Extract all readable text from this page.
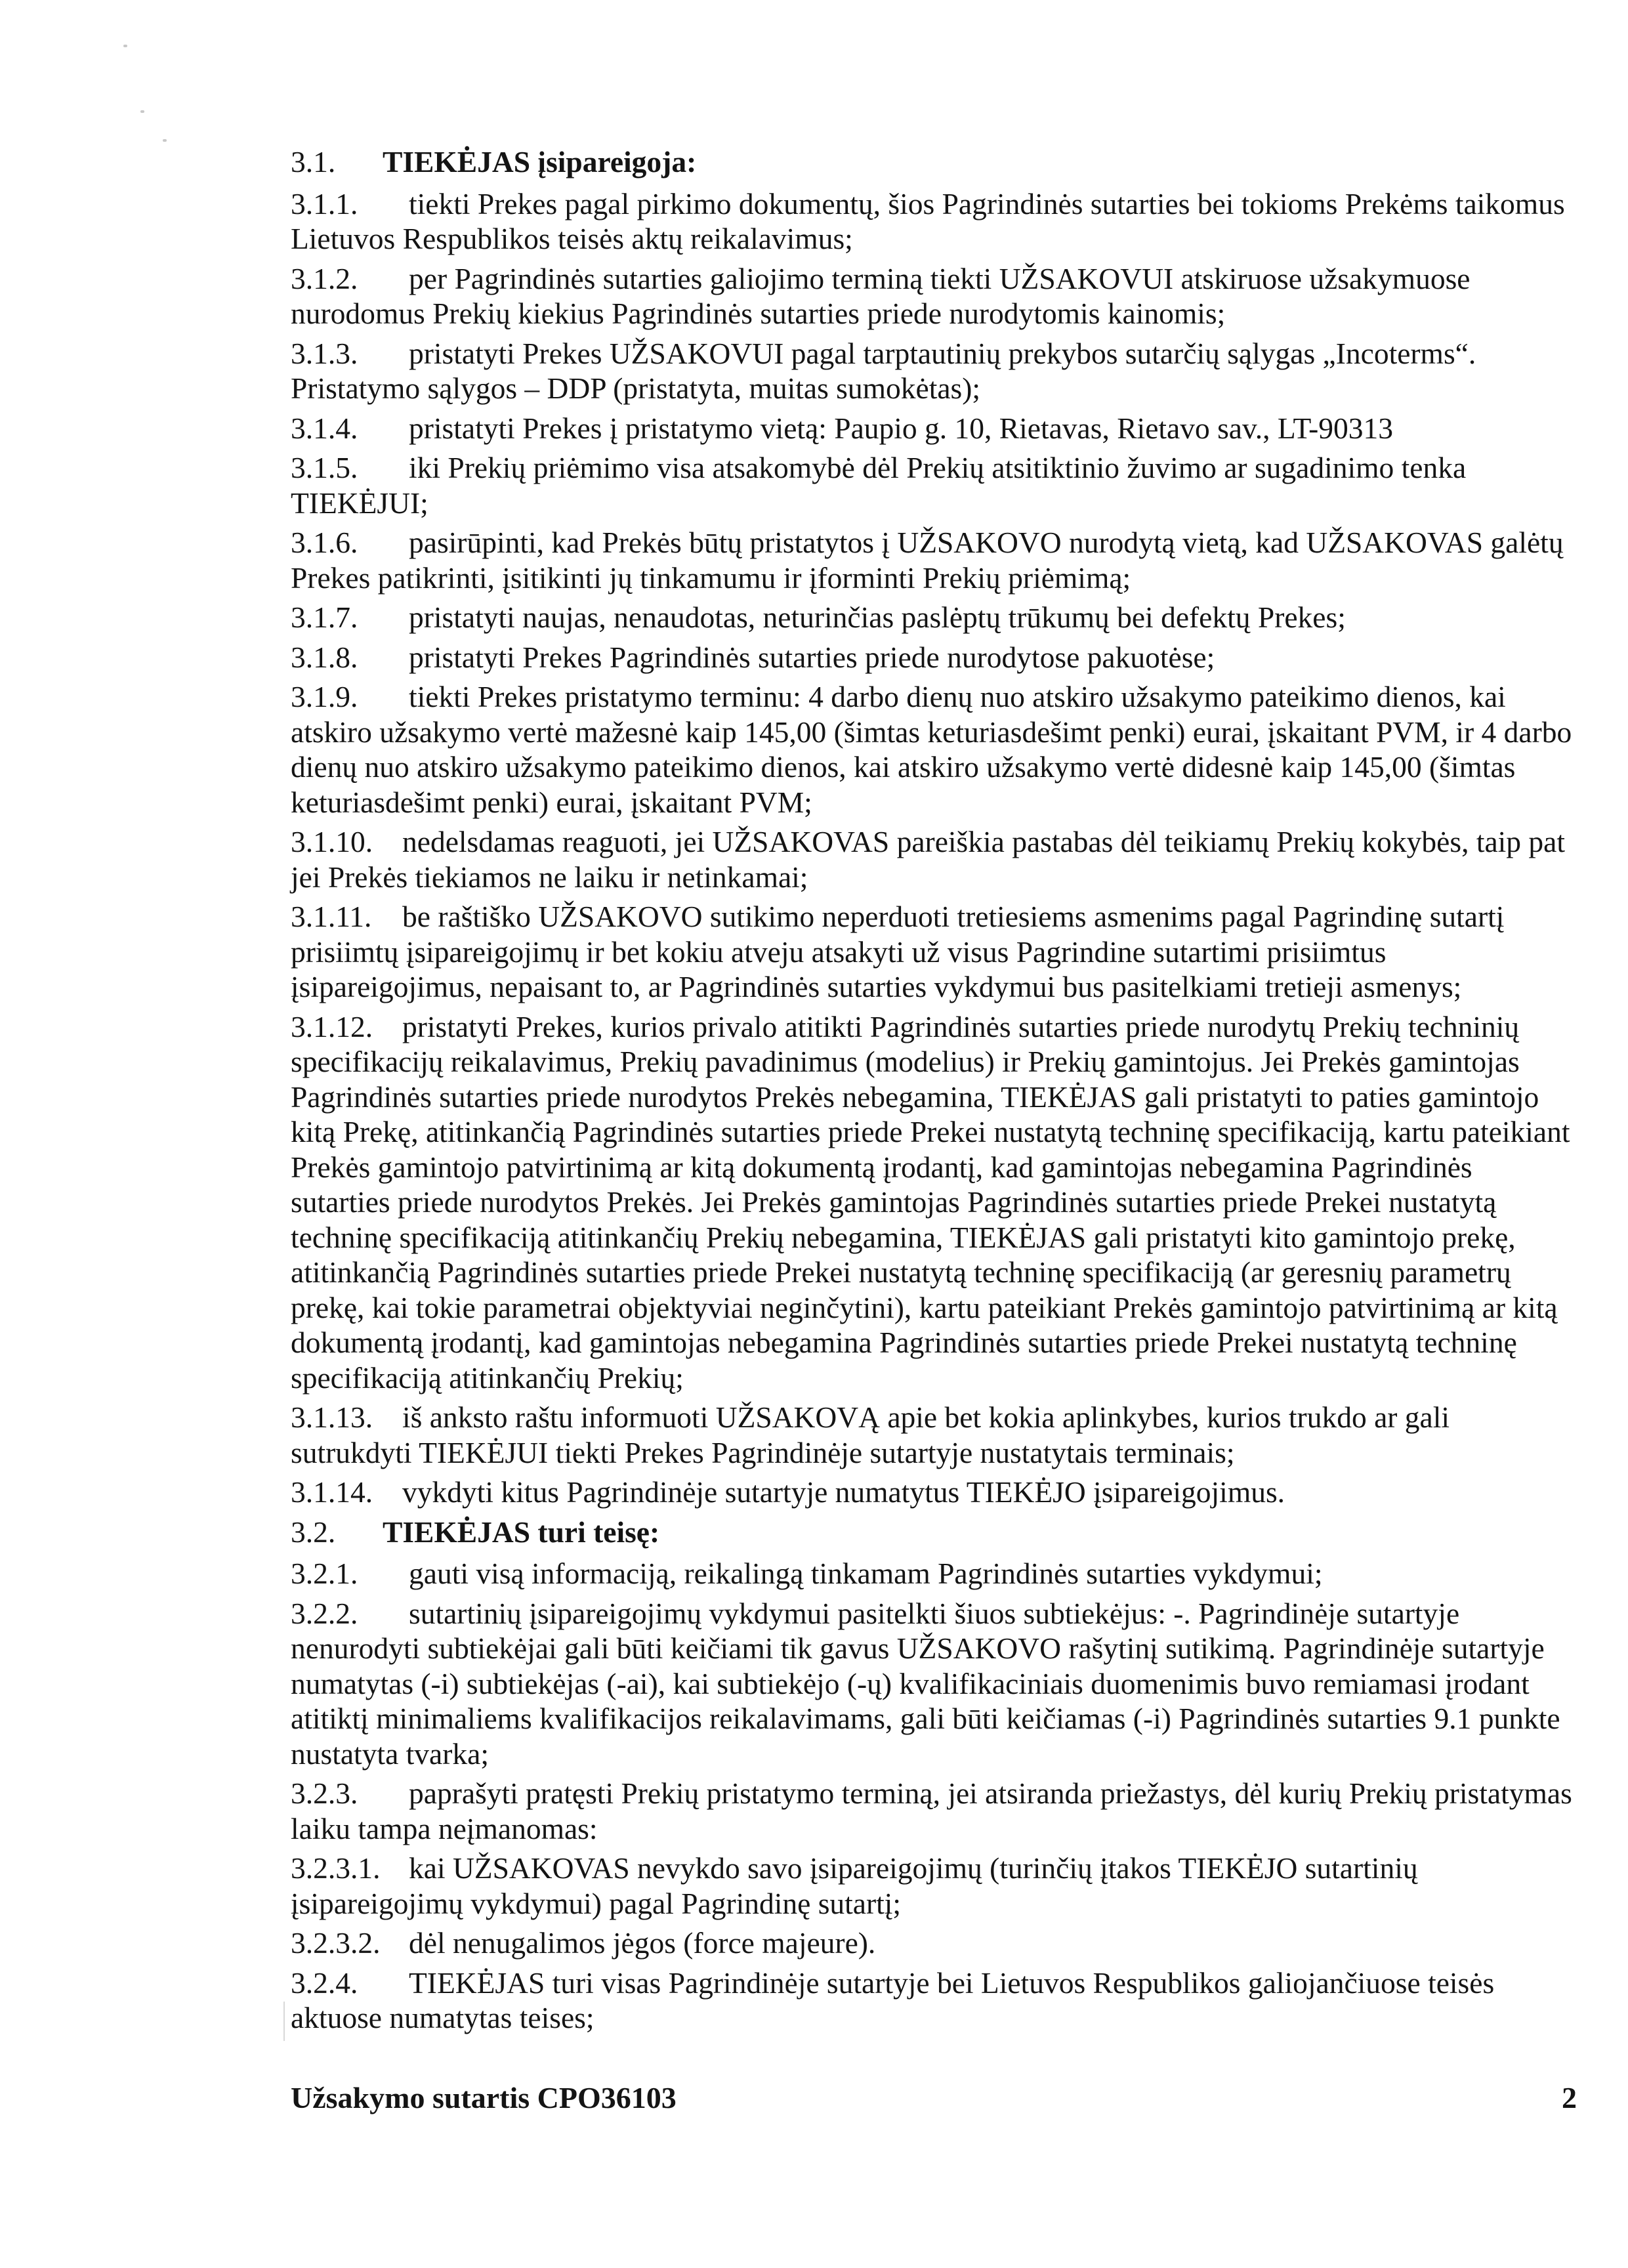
3.1. TIEKĖJAS įsipareigoja:
3.1.1. tiekti Prekes pagal pirkimo dokumentų, šios Pagrindinės sutarties bei tokioms Prekėms taikomus Lietuvos Respublikos teisės aktų reikalavimus;
3.1.2. per Pagrindinės sutarties galiojimo terminą tiekti UŽSAKOVUI atskiruose užsakymuose nurodomus Prekių kiekius Pagrindinės sutarties priede nurodytomis kainomis;
3.1.3. pristatyti Prekes UŽSAKOVUI pagal tarptautinių prekybos sutarčių sąlygas „Incoterms“. Pristatymo sąlygos – DDP (pristatyta, muitas sumokėtas);
3.1.4. pristatyti Prekes į pristatymo vietą: Paupio g. 10, Rietavas, Rietavo sav., LT-90313
3.1.5. iki Prekių priėmimo visa atsakomybė dėl Prekių atsitiktinio žuvimo ar sugadinimo tenka TIEKĖJUI;
3.1.6. pasirūpinti, kad Prekės būtų pristatytos į UŽSAKOVO nurodytą vietą, kad UŽSAKOVAS galėtų Prekes patikrinti, įsitikinti jų tinkamumu ir įforminti Prekių priėmimą;
3.1.7. pristatyti naujas, nenaudotas, neturinčias paslėptų trūkumų bei defektų Prekes;
3.1.8. pristatyti Prekes Pagrindinės sutarties priede nurodytose pakuotėse;
3.1.9. tiekti Prekes pristatymo terminu: 4 darbo dienų nuo atskiro užsakymo pateikimo dienos, kai atskiro užsakymo vertė mažesnė kaip 145,00 (šimtas keturiasdešimt penki) eurai, įskaitant PVM, ir 4 darbo dienų nuo atskiro užsakymo pateikimo dienos, kai atskiro užsakymo vertė didesnė kaip 145,00 (šimtas keturiasdešimt penki) eurai, įskaitant PVM;
3.1.10. nedelsdamas reaguoti, jei UŽSAKOVAS pareiškia pastabas dėl teikiamų Prekių kokybės, taip pat jei Prekės tiekiamos ne laiku ir netinkamai;
3.1.11. be raštiško UŽSAKOVO sutikimo neperduoti tretiesiems asmenims pagal Pagrindinę sutartį prisiimtų įsipareigojimų ir bet kokiu atveju atsakyti už visus Pagrindine sutartimi prisiimtus įsipareigojimus, nepaisant to, ar Pagrindinės sutarties vykdymui bus pasitelkiami tretieji asmenys;
3.1.12. pristatyti Prekes, kurios privalo atitikti Pagrindinės sutarties priede nurodytų Prekių techninių specifikacijų reikalavimus, Prekių pavadinimus (modelius) ir Prekių gamintojus. Jei Prekės gamintojas Pagrindinės sutarties priede nurodytos Prekės nebegamina, TIEKĖJAS gali pristatyti to paties gamintojo kitą Prekę, atitinkančią Pagrindinės sutarties priede Prekei nustatytą techninę specifikaciją, kartu pateikiant Prekės gamintojo patvirtinimą ar kitą dokumentą įrodantį, kad gamintojas nebegamina Pagrindinės sutarties priede nurodytos Prekės. Jei Prekės gamintojas Pagrindinės sutarties priede Prekei nustatytą techninę specifikaciją atitinkančių Prekių nebegamina, TIEKĖJAS gali pristatyti kito gamintojo prekę, atitinkančią Pagrindinės sutarties priede Prekei nustatytą techninę specifikaciją (ar geresnių parametrų prekę, kai tokie parametrai objektyviai neginčytini), kartu pateikiant Prekės gamintojo patvirtinimą ar kitą dokumentą įrodantį, kad gamintojas nebegamina Pagrindinės sutarties priede Prekei nustatytą techninę specifikaciją atitinkančių Prekių;
3.1.13. iš anksto raštu informuoti UŽSAKOVĄ apie bet kokia aplinkybes, kurios trukdo ar gali sutrukdyti TIEKĖJUI tiekti Prekes Pagrindinėje sutartyje nustatytais terminais;
3.1.14. vykdyti kitus Pagrindinėje sutartyje numatytus TIEKĖJO įsipareigojimus.
3.2. TIEKĖJAS turi teisę:
3.2.1. gauti visą informaciją, reikalingą tinkamam Pagrindinės sutarties vykdymui;
3.2.2. sutartinių įsipareigojimų vykdymui pasitelkti šiuos subtiekėjus: -. Pagrindinėje sutartyje nenurodyti subtiekėjai gali būti keičiami tik gavus UŽSAKOVO rašytinį sutikimą. Pagrindinėje sutartyje numatytas (-i) subtiekėjas (-ai), kai subtiekėjo (-ų) kvalifikaciniais duomenimis buvo remiamasi įrodant atitiktį minimaliems kvalifikacijos reikalavimams, gali būti keičiamas (-i) Pagrindinės sutarties 9.1 punkte nustatyta tvarka;
3.2.3. paprašyti pratęsti Prekių pristatymo terminą, jei atsiranda priežastys, dėl kurių Prekių pristatymas laiku tampa neįmanomas:
3.2.3.1. kai UŽSAKOVAS nevykdo savo įsipareigojimų (turinčių įtakos TIEKĖJO sutartinių įsipareigojimų vykdymui) pagal Pagrindinę sutartį;
3.2.3.2. dėl nenugalimos jėgos (force majeure).
3.2.4. TIEKĖJAS turi visas Pagrindinėje sutartyje bei Lietuvos Respublikos galiojančiuose teisės aktuose numatytas teises;
Užsakymo sutartis CPO36103	2
